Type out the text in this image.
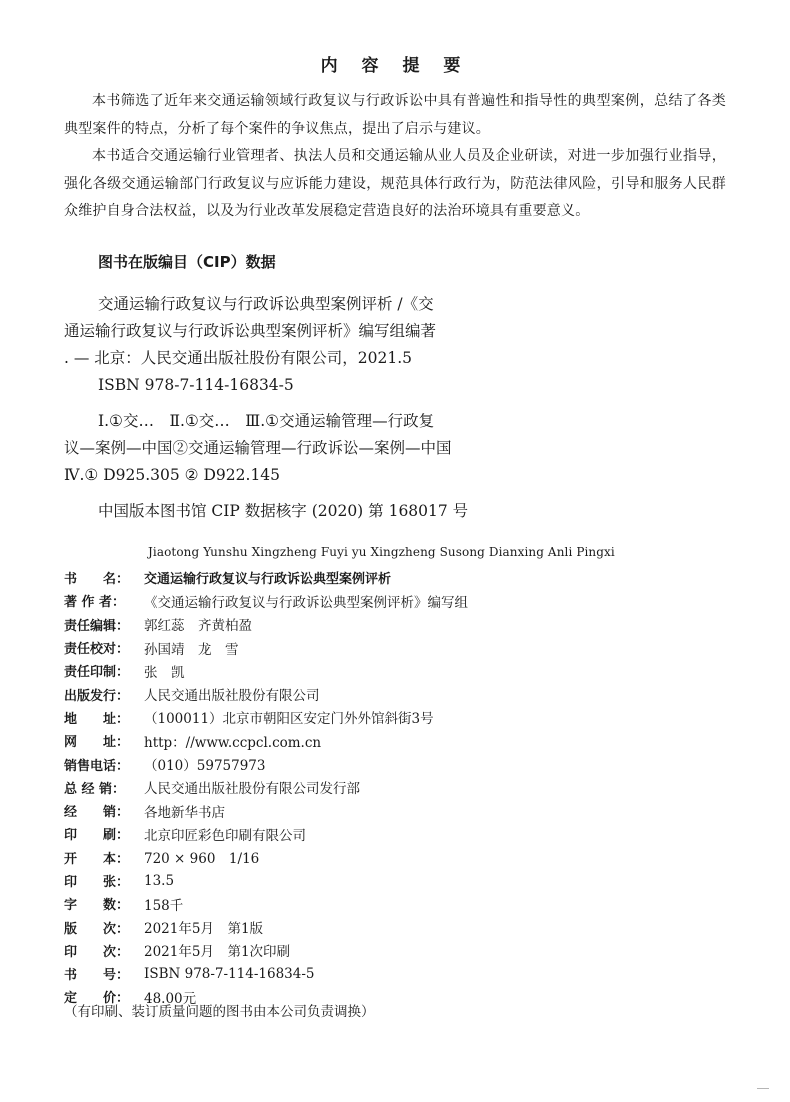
内 容 提 要
本书筛选了近年来交通运输领域行政复议与行政诉讼中具有普遍性和指导性的典型案例，总结了各类典型案件的特点，分析了每个案件的争议焦点，提出了启示与建议。
本书适合交通运输行业管理者、执法人员和交通运输从业人员及企业研读，对进一步加强行业指导，强化各级交通运输部门行政复议与应诉能力建设，规范具体行政行为，防范法律风险，引导和服务人民群众维护自身合法权益，以及为行业改革发展稳定营造良好的法治环境具有重要意义。
图书在版编目（CIP）数据
交通运输行政复议与行政诉讼典型案例评析 /《交
通运输行政复议与行政诉讼典型案例评析》编写组编著
. — 北京：人民交通出版社股份有限公司，2021.5
ISBN 978-7-114-16834-5
Ⅰ.①交…　Ⅱ.①交…　Ⅲ.①交通运输管理—行政复
议—案例—中国②交通运输管理—行政诉讼—案例—中国
Ⅳ.① D925.305 ② D922.145
中国版本图书馆 CIP 数据核字 (2020) 第 168017 号
Jiaotong Yunshu Xingzheng Fuyi yu Xingzheng Susong Dianxing Anli Pingxi
书　　名：	交通运输行政复议与行政诉讼典型案例评析
著 作 者：	《交通运输行政复议与行政诉讼典型案例评析》编写组
责任编辑：	郭红蕊　齐黄柏盈
责任校对：	孙国靖　龙　雪
责任印制：	张　凯
出版发行：	人民交通出版社股份有限公司
地　　址：	（100011）北京市朝阳区安定门外外馆斜街3号
网　　址：	http：//www.ccpcl.com.cn
销售电话：	（010）59757973
总 经 销：	人民交通出版社股份有限公司发行部
经　　销：	各地新华书店
印　　刷：	北京印匠彩色印刷有限公司
开　　本：	720 × 960　1/16
印　　张：	13.5
字　　数：	158千
版　　次：	2021年5月　第1版
印　　次：	2021年5月　第1次印刷
书　　号：	ISBN 978-7-114-16834-5
定　　价：	48.00元
（有印刷、装订质量问题的图书由本公司负责调换）
